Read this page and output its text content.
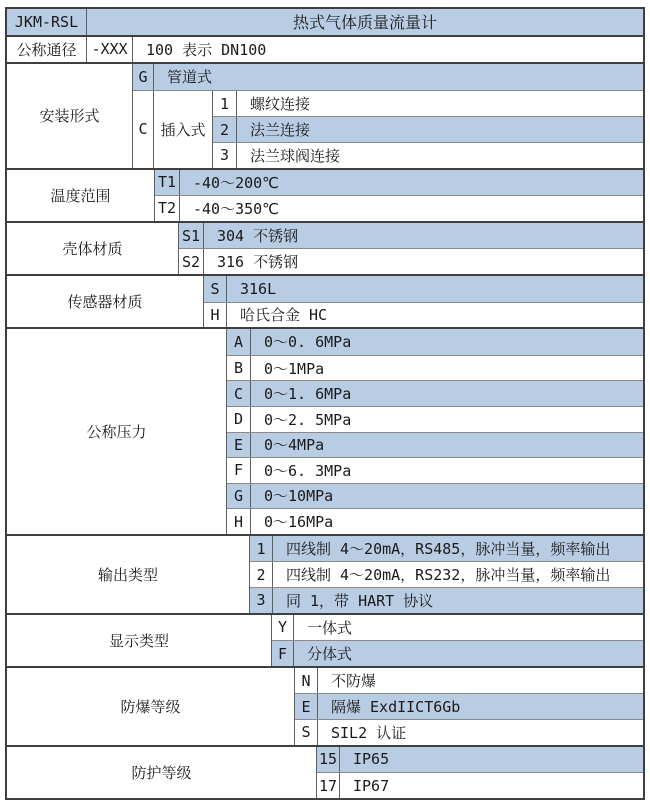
JKM-RSL	热式气体质量流量计
公称通径 -XXX	100 表示 DN100
安装形式
G	管道式
C 插入式
1	螺纹连接
2	法兰连接
3	法兰球阀连接
温度范围
T1	-40～200℃
T2	-40～350℃
壳体材质
S1	304 不锈钢
S2	316 不锈钢
传感器材质
S	316L
H	哈氏合金 HC
公称压力
A	0～0. 6MPa
B	0～1MPa
C	0～1. 6MPa
D	0～2. 5MPa
E	0～4MPa
F	0～6. 3MPa
G	0～10MPa
H	0～16MPa
输出类型
1	四线制 4～20mA，RS485，脉冲当量，频率输出
2	四线制 4～20mA，RS232，脉冲当量，频率输出
3	同 1，带 HART 协议
显示类型
Y	一体式
F	分体式
防爆等级
N	不防爆
E	隔爆 ExdIICT6Gb
S	SIL2 认证
防护等级
15	IP65
17	IP67
